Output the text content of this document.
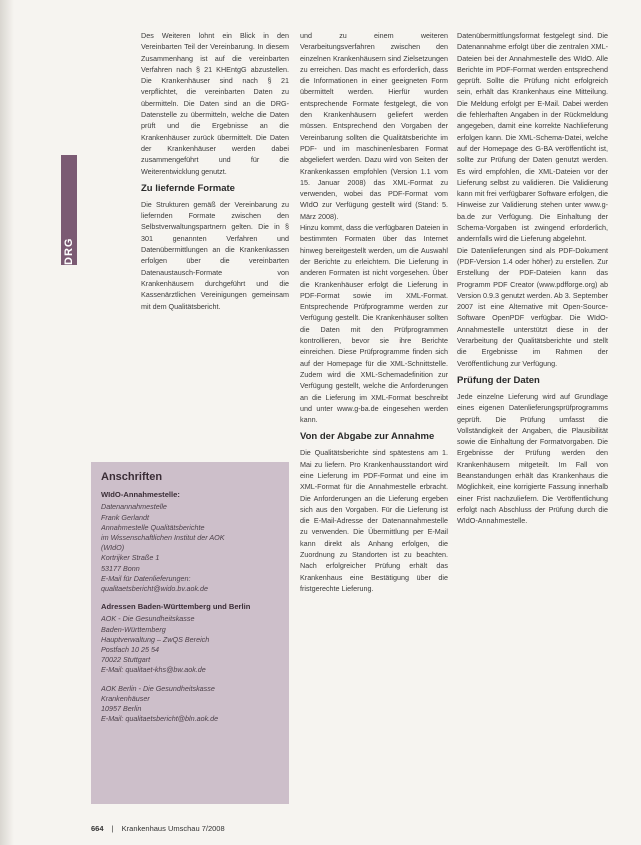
DRG

Des Weiteren lohnt ein Blick in den Vereinbarten Teil der Vereinbarung. In diesem Zusammenhang ist auf die vereinbarten Verfahren nach § 21 KHEntgG abzustellen. Die Krankenhäuser sind nach § 21 verpflichtet, die vereinbarten Daten zu übermitteln. Die Daten sind an die DRG-Datenstelle zu übermitteln, welche die Daten prüft und die Ergebnisse an die Krankenhäuser zurück übermittelt. Die Daten der Krankenhäuser werden dabei zusammengeführt und für die Weiterentwicklung genutzt.

Zu liefernde Formate

Die Strukturen gemäß der Vereinbarung zu liefernden Formate zwischen den Selbstverwaltungspartnern gelten. Die in § 301 genannten Verfahren und Datenübermittlungen an die Krankenkassen erfolgen über die vereinbarten Datenaustausch-Formate von Krankenhäusern durchgeführt und die Kassenärztlichen Vereinigungen gemeinsam mit dem Qualitätsbericht.

Anschriften
WIdO-Annahmestelle:
Datenannahmestelle
Frank Gerlandt
Annahmestelle Qualitätsberichte
im Wissenschaftlichen Institut der AOK
(WIdO)
Kortrijker Straße 1
53177 Bonn
E-Mail für Datenlieferungen:
qualitaetsbericht@wido.bv.aok.de
Adressen Baden-Württemberg und Berlin
AOK - Die Gesundheitskasse
Baden-Württemberg
Hauptverwaltung – ZwQS Bereich
Postfach 10 25 54
70022 Stuttgart
E-Mail: qualitaet-khs@bw.aok.de
AOK Berlin - Die Gesundheitskasse
Krankenhäuser
10957 Berlin
E-Mail: qualitaetsbericht@bln.aok.de

und zu einem weiteren Verarbeitungsverfahren zwischen den einzelnen Krankenhäusern sind Zielsetzungen zu erreichen. Das macht es erforderlich, dass die Informationen in einer geeigneten Form übermittelt werden. Hierfür wurden entsprechende Formate festgelegt, die von den Krankenhäusern geliefert werden müssen. Entsprechend den Vorgaben der Vereinbarung sollten die Qualitätsberichte im PDF- und im maschinenlesbaren Format abgeliefert werden. Dazu wird von Seiten der Krankenkassen empfohlen (Version 1.1 vom 15. Januar 2008) das XML-Format zu verwenden, wobei das PDF-Format vom WIdO zur Verfügung gestellt wird (Stand: 5. März 2008).

Hinzu kommt, dass die verfügbaren Dateien in bestimmten Formaten über das Internet hinweg bereitgestellt werden, um die Auswahl der Berichte zu erleichtern. Die Lieferung in anderen Formaten ist nicht vorgesehen. Über die Krankenhäuser erfolgt die Lieferung in PDF-Format sowie im XML-Format. Entsprechende Prüfprogramme werden zur Verfügung gestellt. Die Krankenhäuser sollten die Daten mit den Prüfprogrammen kontrollieren, bevor sie ihre Berichte einreichen. Diese Prüfprogramme finden sich auf der Homepage für die XML-Schnittstelle. Zudem wird die XML-Schemadefinition zur Verfügung gestellt, welche die Anforderungen an die Lieferung im XML-Format beschreibt und unter www.g-ba.de eingesehen werden kann.

Von der Abgabe zur Annahme

Die Qualitätsberichte sind spätestens am 1. Mai zu liefern. Pro Krankenhausstandort wird eine Lieferung im PDF-Format und eine im XML-Format für die Annahmestelle erbracht. Die Anforderungen an die Lieferung ergeben sich aus den Vorgaben. Für die Lieferung ist die E-Mail-Adresse der Datenannahmestelle zu verwenden. Die Übermittlung per E-Mail kann direkt als Anhang erfolgen, die Zuordnung zu Standorten ist zu beachten. Nach erfolgreicher Prüfung erhält das Krankenhaus eine Bestätigung über die fristgerechte Lieferung.

Datenübermittlungsformat festgelegt sind. Die Datenannahme erfolgt über die zentralen XML-Dateien bei der Annahmestelle des WIdO. Alle Berichte im PDF-Format werden entsprechend geprüft. Sollte die Prüfung nicht erfolgreich sein, erhält das Krankenhaus eine Mitteilung. Die Meldung erfolgt per E-Mail. Dabei werden die fehlerhaften Angaben in der Rückmeldung angegeben, damit eine korrekte Nachlieferung erfolgen kann. Die XML-Schema-Datei, welche auf der Homepage des G-BA veröffentlicht ist, sollte zur Prüfung der Daten genutzt werden. Es wird empfohlen, die XML-Dateien vor der Lieferung selbst zu validieren. Die Validierung kann mit frei verfügbarer Software erfolgen, die Hinweise zur Validierung stehen unter www.g-ba.de zur Verfügung. Die Einhaltung der Schema-Vorgaben ist zwingend erforderlich, andernfalls wird die Lieferung abgelehnt.

Die Datenlieferungen sind als PDF-Dokument (PDF-Version 1.4 oder höher) zu erstellen. Zur Erstellung der PDF-Dateien kann das Programm PDF Creator (www.pdfforge.org) ab Version 0.9.3 genutzt werden. Ab 3. September 2007 ist eine Alternative mit Open-Source-Software OpenPDF verfügbar. Die WIdO-Annahmestelle unterstützt diese in der Verarbeitung der Qualitätsberichte und stellt die Ergebnisse im Rahmen der Veröffentlichung zur Verfügung.

Prüfung der Daten

Jede einzelne Lieferung wird auf Grundlage eines eigenen Datenlieferungsprüfprogramms geprüft. Die Prüfung umfasst die Vollständigkeit der Angaben, die Plausibilität sowie die Einhaltung der Formatvorgaben. Die Ergebnisse der Prüfung werden den Krankenhäusern mitgeteilt. Im Fall von Beanstandungen erhält das Krankenhaus die Möglichkeit, eine korrigierte Fassung innerhalb einer Frist nachzuliefern. Die Veröffentlichung erfolgt nach Abschluss der Prüfung durch die WIdO-Annahmestelle.

664 | Krankenhaus Umschau 7/2008
